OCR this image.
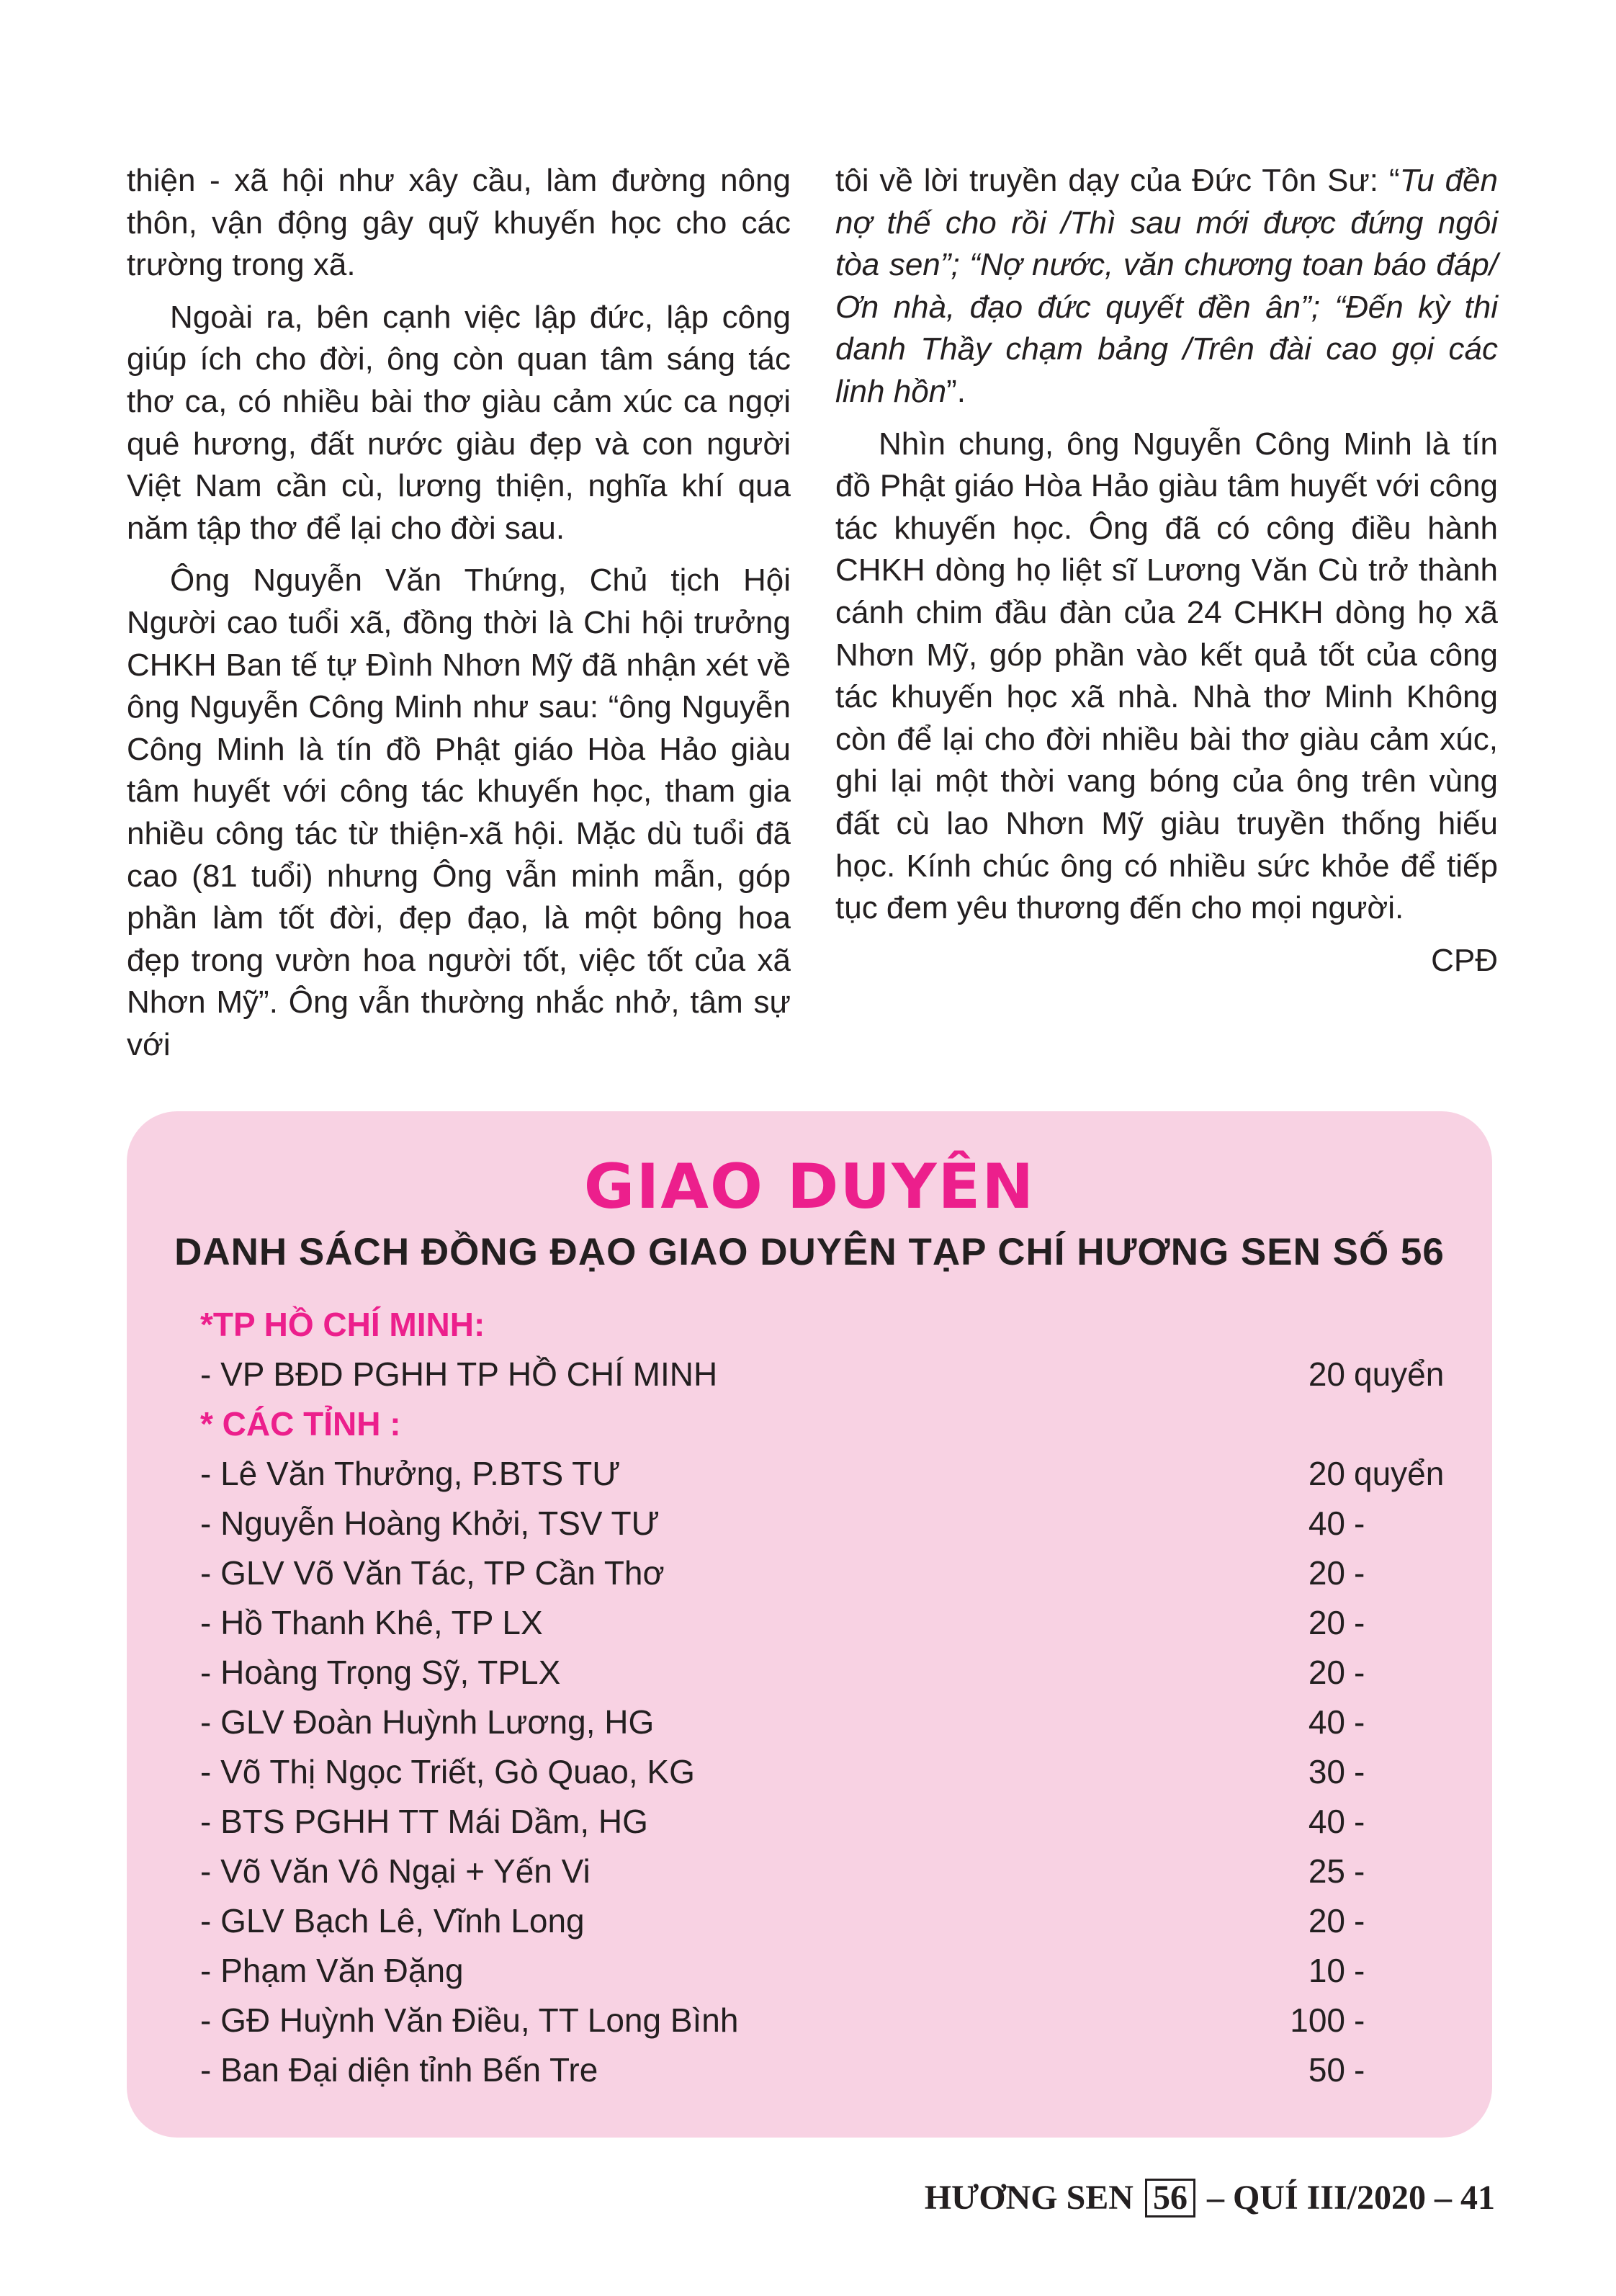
thiện - xã hội như xây cầu, làm đường nông thôn, vận động gây quỹ khuyến học cho các trường trong xã.

Ngoài ra, bên cạnh việc lập đức, lập công giúp ích cho đời, ông còn quan tâm sáng tác thơ ca, có nhiều bài thơ giàu cảm xúc ca ngợi quê hương, đất nước giàu đẹp và con người Việt Nam cần cù, lương thiện, nghĩa khí qua năm tập thơ để lại cho đời sau.

Ông Nguyễn Văn Thứng, Chủ tịch Hội Người cao tuổi xã, đồng thời là Chi hội trưởng CHKH Ban tế tự Đình Nhơn Mỹ đã nhận xét về ông Nguyễn Công Minh như sau: “ông Nguyễn Công Minh là tín đồ Phật giáo Hòa Hảo giàu tâm huyết với công tác khuyến học, tham gia nhiều công tác từ thiện-xã hội. Mặc dù tuổi đã cao (81 tuổi) nhưng Ông vẫn minh mẫn, góp phần làm tốt đời, đẹp đạo, là một bông hoa đẹp trong vườn hoa người tốt, việc tốt của xã Nhơn Mỹ”. Ông vẫn thường nhắc nhở, tâm sự với

tôi về lời truyền dạy của Đức Tôn Sư: “Tu đền nợ thế cho rồi /Thì sau mới được đứng ngôi tòa sen”; “Nợ nước, văn chương toan báo đáp/ Ơn nhà, đạo đức quyết đền ân”; “Đến kỳ thi danh Thầy chạm bảng /Trên đài cao gọi các linh hồn”.

Nhìn chung, ông Nguyễn Công Minh là tín đồ Phật giáo Hòa Hảo giàu tâm huyết với công tác khuyến học. Ông đã có công điều hành CHKH dòng họ liệt sĩ Lương Văn Cù trở thành cánh chim đầu đàn của 24 CHKH dòng họ xã Nhơn Mỹ, góp phần vào kết quả tốt của công tác khuyến học xã nhà. Nhà thơ Minh Không còn để lại cho đời nhiều bài thơ giàu cảm xúc, ghi lại một thời vang bóng của ông trên vùng đất cù lao Nhơn Mỹ giàu truyền thống hiếu học. Kính chúc ông có nhiều sức khỏe để tiếp tục đem yêu thương đến cho mọi người.

CPĐ

GIAO DUYÊN
DANH SÁCH ĐỒNG ĐẠO GIAO DUYÊN TẠP CHÍ HƯƠNG SEN SỐ 56
*TP HỒ CHÍ MINH:
- VP BĐD PGHH TP HỒ CHÍ MINH	20 quyển
* CÁC TỈNH :
- Lê Văn Thưởng, P.BTS TƯ	20 quyển
- Nguyễn Hoàng Khởi, TSV TƯ	40 -
- GLV Võ Văn Tác, TP Cần Thơ	20 -
- Hồ Thanh Khê, TP LX	20 -
- Hoàng Trọng Sỹ, TPLX	20 -
- GLV Đoàn Huỳnh Lương, HG	40 -
- Võ Thị Ngọc Triết, Gò Quao, KG	30 -
- BTS PGHH TT Mái Dầm, HG	40 -
- Võ Văn Vô Ngại + Yến Vi	25 -
- GLV Bạch Lê, Vĩnh Long	20 -
- Phạm Văn Đặng	10 -
- GĐ Huỳnh Văn Điều, TT Long Bình	100 -
- Ban Đại diện tỉnh Bến Tre	50 -
HƯƠNG SEN 56 – QUÍ III/2020 – 41
